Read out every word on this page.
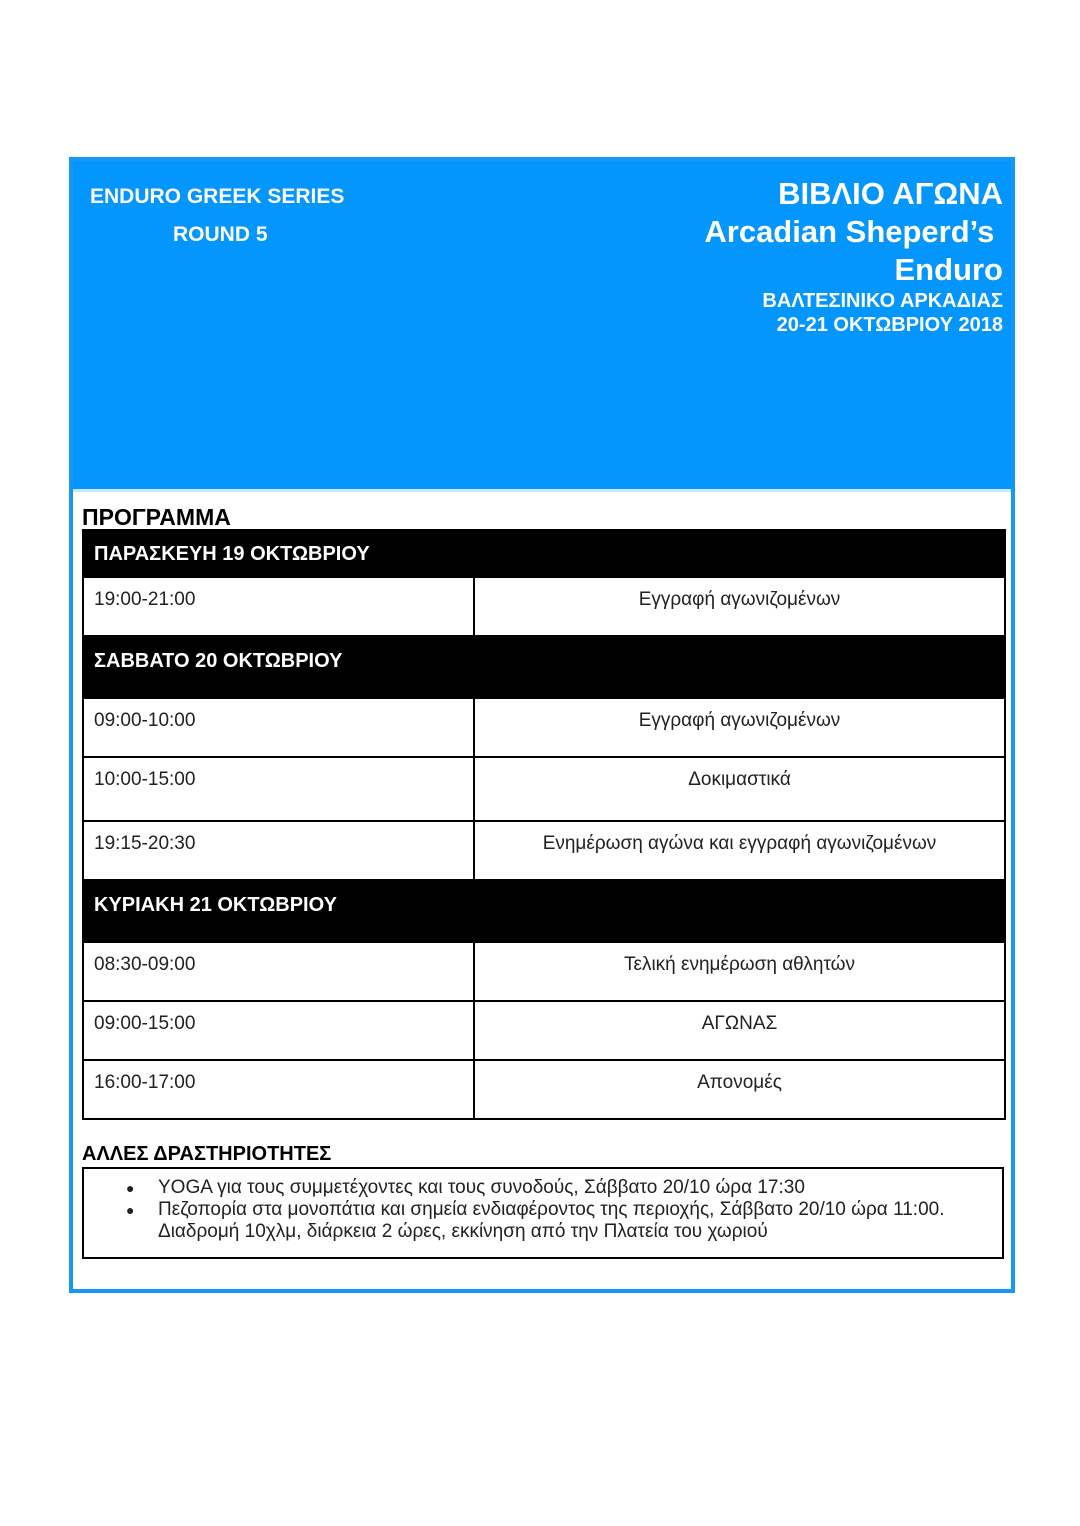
ENDURO GREEK SERIES
ROUND 5
ΒΙΒΛΙΟ ΑΓΩΝΑ
Arcadian Sheperd’s
Enduro
ΒΑΛΤΕΣΙΝΙΚΟ ΑΡΚΑΔΙΑΣ
20-21 ΟΚΤΩΒΡΙΟΥ 2018
ΠΡΟΓΡΑΜΜΑ
ΠΑΡΑΣΚΕΥΗ 19 ΟΚΤΩΒΡΙΟΥ	
19:00-21:00	Εγγραφή αγωνιζομένων
ΣΑΒΒΑΤΟ 20 ΟΚΤΩΒΡΙΟΥ	
09:00-10:00	Εγγραφή αγωνιζομένων
10:00-15:00	Δοκιμαστικά
19:15-20:30	Ενημέρωση αγώνα και εγγραφή αγωνιζομένων
ΚΥΡΙΑΚΗ 21 ΟΚΤΩΒΡΙΟΥ	
08:30-09:00	Τελική ενημέρωση αθλητών
09:00-15:00	ΑΓΩΝΑΣ
16:00-17:00	Απονομές
ΑΛΛΕΣ ΔΡΑΣΤΗΡΙΟΤΗΤΕΣ
● YOGA για τους συμμετέχοντες και τους συνοδούς, Σάββατο 20/10 ώρα 17:30
● Πεζοπορία στα μονοπάτια και σημεία ενδιαφέροντος της περιοχής, Σάββατο 20/10 ώρα 11:00. Διαδρομή 10χλμ, διάρκεια 2 ώρες, εκκίνηση από την Πλατεία του χωριού
